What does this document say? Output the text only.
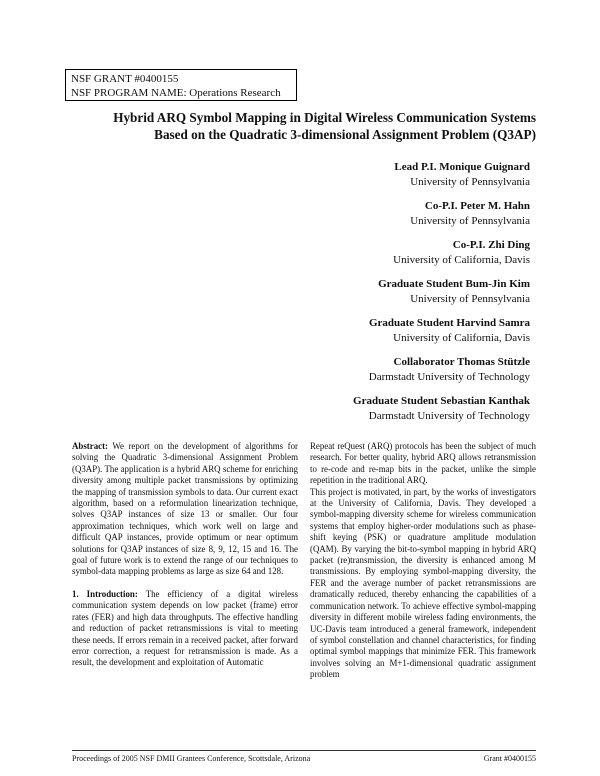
NSF GRANT #0400155
NSF PROGRAM NAME: Operations Research
Hybrid ARQ Symbol Mapping in Digital Wireless Communication Systems
Based on the Quadratic 3-dimensional Assignment Problem (Q3AP)
Lead P.I. Monique Guignard
University of Pennsylvania
Co-P.I. Peter M. Hahn
University of Pennsylvania
Co-P.I. Zhi Ding
University of California, Davis
Graduate Student Bum-Jin Kim
University of Pennsylvania
Graduate Student Harvind Samra
University of California, Davis
Collaborator Thomas Stützle
Darmstadt University of Technology
Graduate Student Sebastian Kanthak
Darmstadt University of Technology

Abstract: We report on the development of algorithms for solving the Quadratic 3-dimensional Assignment Problem (Q3AP). The application is a hybrid ARQ scheme for enriching diversity among multiple packet transmissions by optimizing the mapping of transmission symbols to data. Our current exact algorithm, based on a reformulation linearization technique, solves Q3AP instances of size 13 or smaller. Our four approximation techniques, which work well on large and difficult QAP instances, provide optimum or near optimum solutions for Q3AP instances of size 8, 9, 12, 15 and 16. The goal of future work is to extend the range of our techniques to symbol-data mapping problems as large as size 64 and 128.

1. Introduction: The efficiency of a digital wireless communication system depends on low packet (frame) error rates (FER) and high data throughputs. The effective handling and reduction of packet retransmissions is vital to meeting these needs. If errors remain in a received packet, after forward error correction, a request for retransmission is made. As a result, the development and exploitation of Automatic

Repeat reQuest (ARQ) protocols has been the subject of much research. For better quality, hybrid ARQ allows retransmission to re-code and re-map bits in the packet, unlike the simple repetition in the traditional ARQ.

This project is motivated, in part, by the works of investigators at the University of California, Davis. They developed a symbol-mapping diversity scheme for wireless communication systems that employ higher-order modulations such as phase-shift keying (PSK) or quadrature amplitude modulation (QAM). By varying the bit-to-symbol mapping in hybrid ARQ packet (re)transmission, the diversity is enhanced among M transmissions. By employing symbol-mapping diversity, the FER and the average number of packet retransmissions are dramatically reduced, thereby enhancing the capabilities of a communication network. To achieve effective symbol-mapping diversity in different mobile wireless fading environments, the UC-Davis team introduced a general framework, independent of symbol constellation and channel characteristics, for finding optimal symbol mappings that minimize FER. This framework involves solving an M+1-dimensional quadratic assignment problem

Proceedings of 2005 NSF DMII Grantees Conference, Scottsdale, Arizona	Grant #0400155
